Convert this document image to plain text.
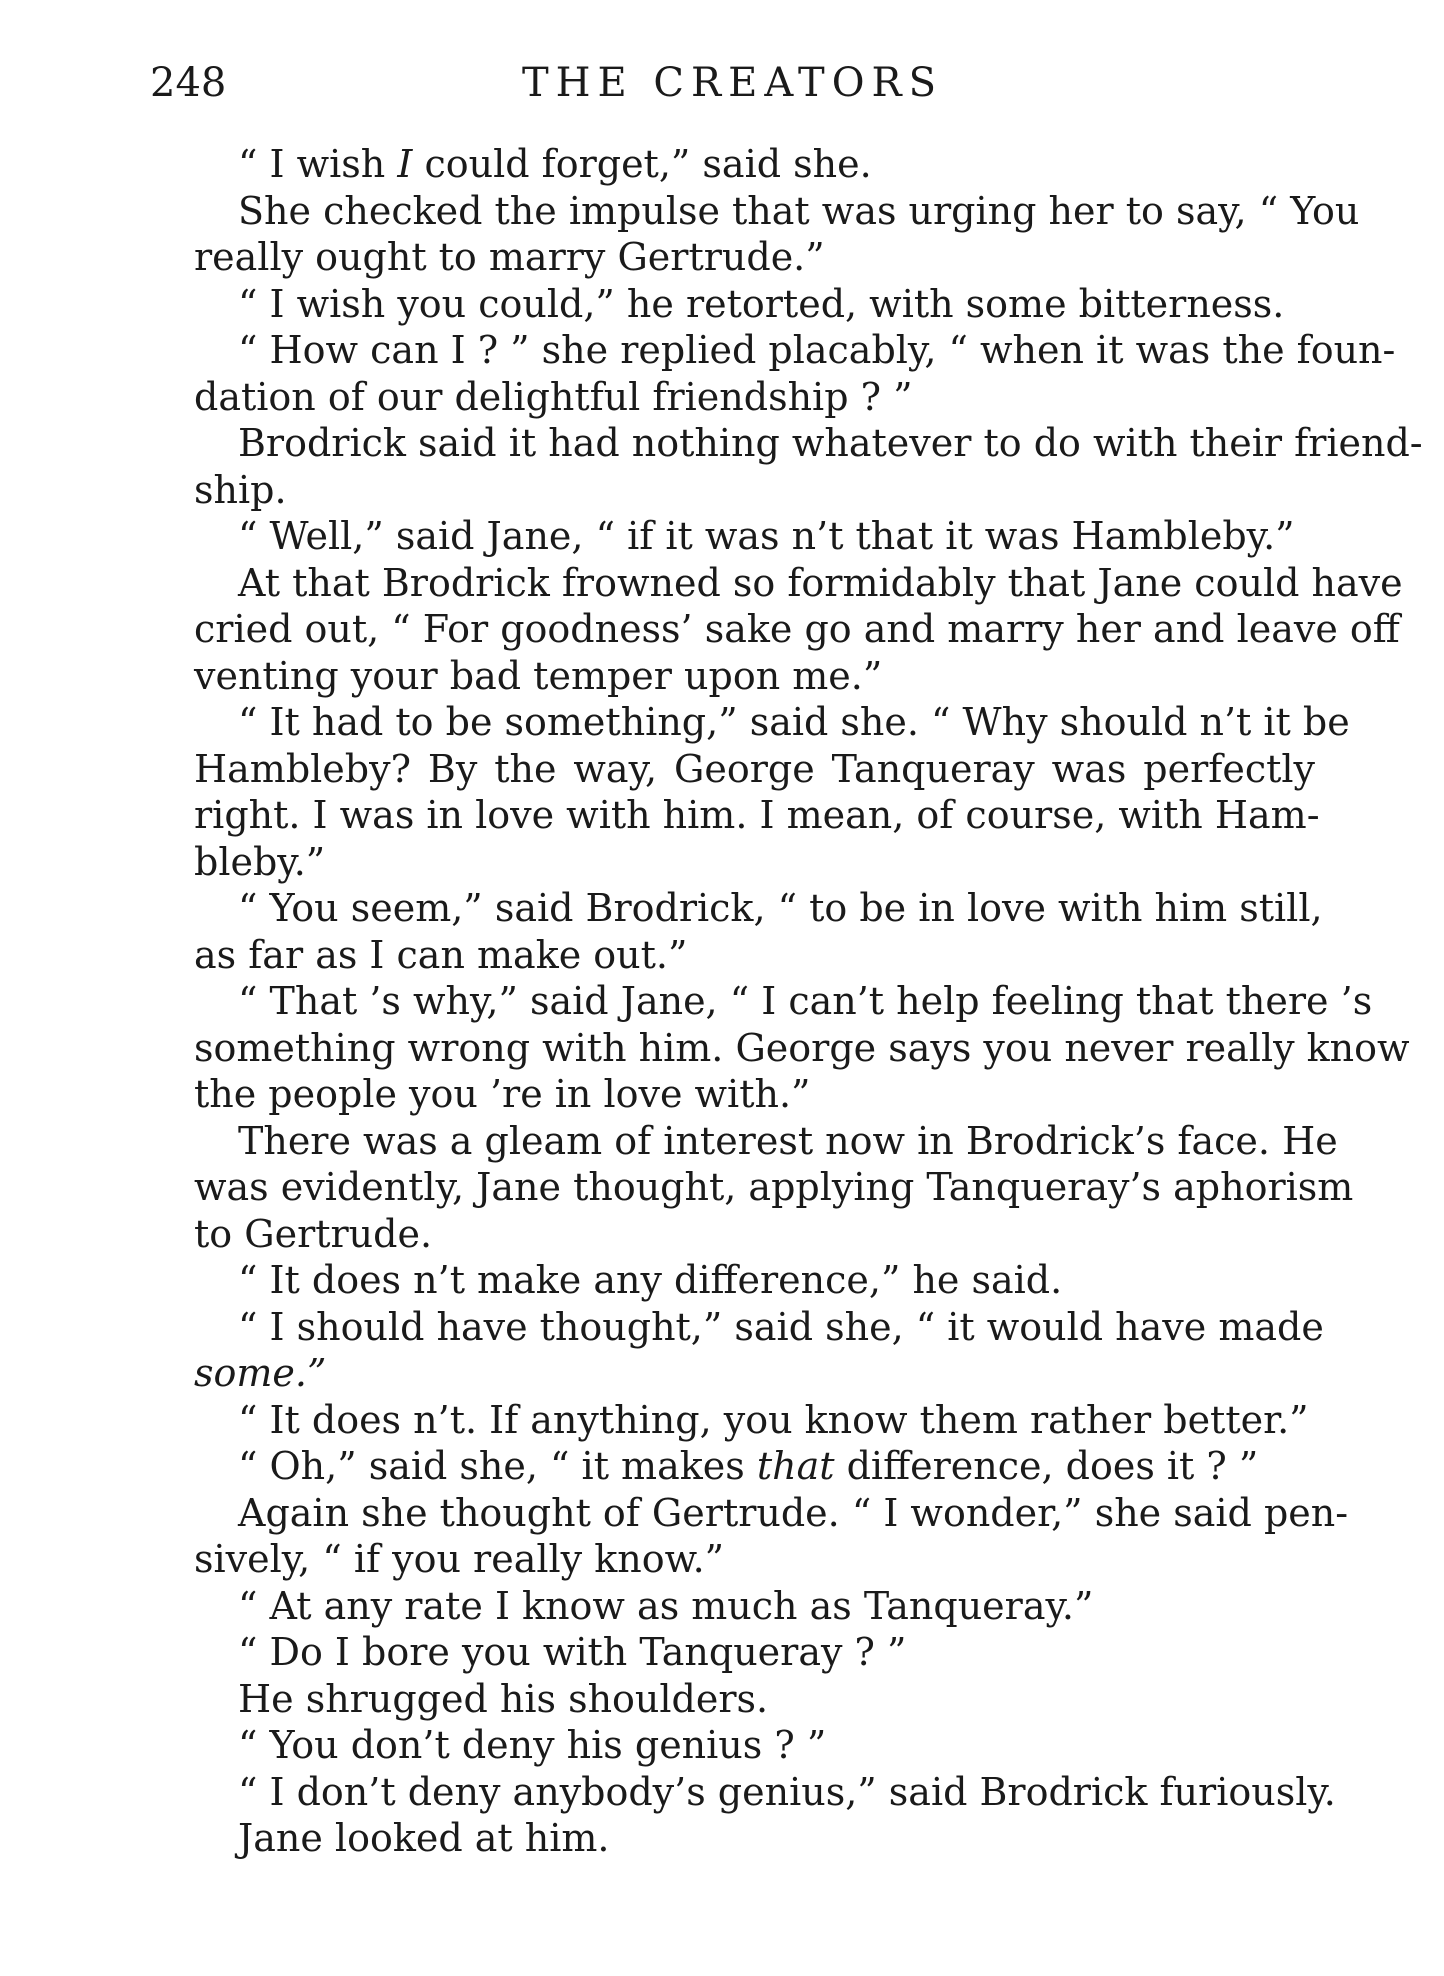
248	THE CREATORS
“ I wish I could forget,” said she.
She checked the impulse that was urging her to say, “ You
really ought to marry Gertrude.”
“ I wish you could,” he retorted, with some bitterness.
“ How can I ? ” she replied placably, “ when it was the foun-
dation of our delightful friendship ? ”
Brodrick said it had nothing whatever to do with their friend-
ship.
“ Well,” said Jane, “ if it was n’t that it was Hambleby.”
At that Brodrick frowned so formidably that Jane could have
cried out, “ For goodness’ sake go and marry her and leave off
venting your bad temper upon me.”
“ It had to be something,” said she. “ Why should n’t it be
Hambleby? By the way, George Tanqueray was perfectly
right. I was in love with him. I mean, of course, with Ham-
bleby.”
“ You seem,” said Brodrick, “ to be in love with him still,
as far as I can make out.”
“ That ’s why,” said Jane, “ I can’t help feeling that there ’s
something wrong with him. George says you never really know
the people you ’re in love with.”
There was a gleam of interest now in Brodrick’s face. He
was evidently, Jane thought, applying Tanqueray’s aphorism
to Gertrude.
“ It does n’t make any difference,” he said.
“ I should have thought,” said she, “ it would have made
some.”
“ It does n’t. If anything, you know them rather better.”
“ Oh,” said she, “ it makes that difference, does it ? ”
Again she thought of Gertrude. “ I wonder,” she said pen-
sively, “ if you really know.”
“ At any rate I know as much as Tanqueray.”
“ Do I bore you with Tanqueray ? ”
He shrugged his shoulders.
“ You don’t deny his genius ? ”
“ I don’t deny anybody’s genius,” said Brodrick furiously.
Jane looked at him.
